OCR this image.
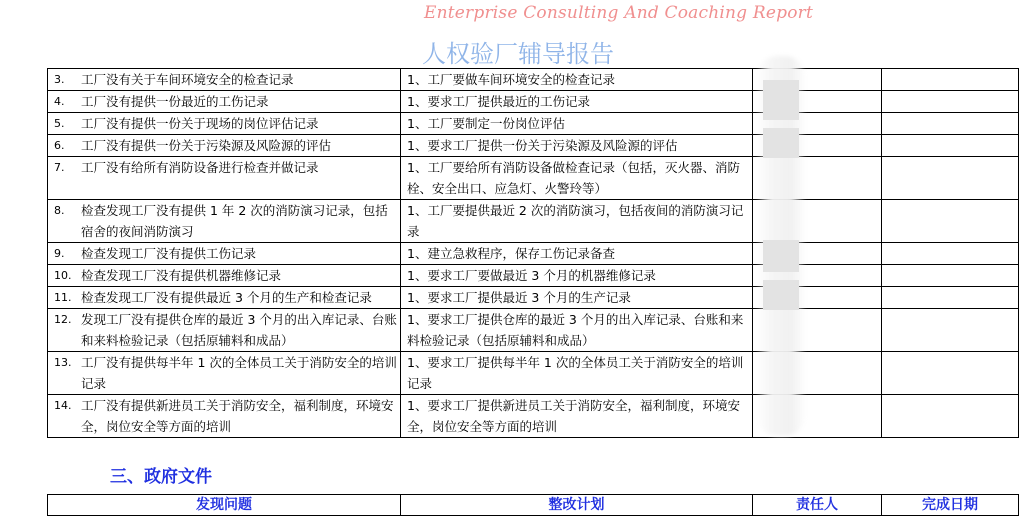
Enterprise Consulting And Coaching Report
人权验厂辅导报告
3. 工厂没有关于车间环境安全的检查记录	1、工厂要做车间环境安全的检查记录		

4. 工厂没有提供一份最近的工伤记录	1、要求工厂提供最近的工伤记录		

5. 工厂没有提供一份关于现场的岗位评估记录	1、工厂要制定一份岗位评估		

6. 工厂没有提供一份关于污染源及风险源的评估	1、要求工厂提供一份关于污染源及风险源的评估		

7. 工厂没有给所有消防设备进行检查并做记录	1、工厂要给所有消防设备做检查记录（包括，灭火器、消防栓、安全出口、应急灯、火警玲等）		

8. 检查发现工厂没有提供 1 年 2 次的消防演习记录，包括宿舍的夜间消防演习	1、工厂要提供最近 2 次的消防演习，包括夜间的消防演习记录		

9. 检查发现工厂没有提供工伤记录	1、建立急救程序，保存工伤记录备查		

10. 检查发现工厂没有提供机器维修记录	1、要求工厂要做最近 3 个月的机器维修记录		

11. 检查发现工厂没有提供最近 3 个月的生产和检查记录	1、要求工厂提供最近 3 个月的生产记录		

12. 发现工厂没有提供仓库的最近 3 个月的出入库记录、台账和来料检验记录（包括原辅料和成品）	1、要求工厂提供仓库的最近 3 个月的出入库记录、台账和来料检验记录（包括原辅料和成品）		

13. 工厂没有提供每半年 1 次的全体员工关于消防安全的培训记录	1、要求工厂提供每半年 1 次的全体员工关于消防安全的培训记录		

14. 工厂没有提供新进员工关于消防安全，福利制度，环境安全，岗位安全等方面的培训	1、要求工厂提供新进员工关于消防安全，福利制度，环境安全，岗位安全等方面的培训		

三、政府文件
发现问题	整改计划	责任人	完成日期
